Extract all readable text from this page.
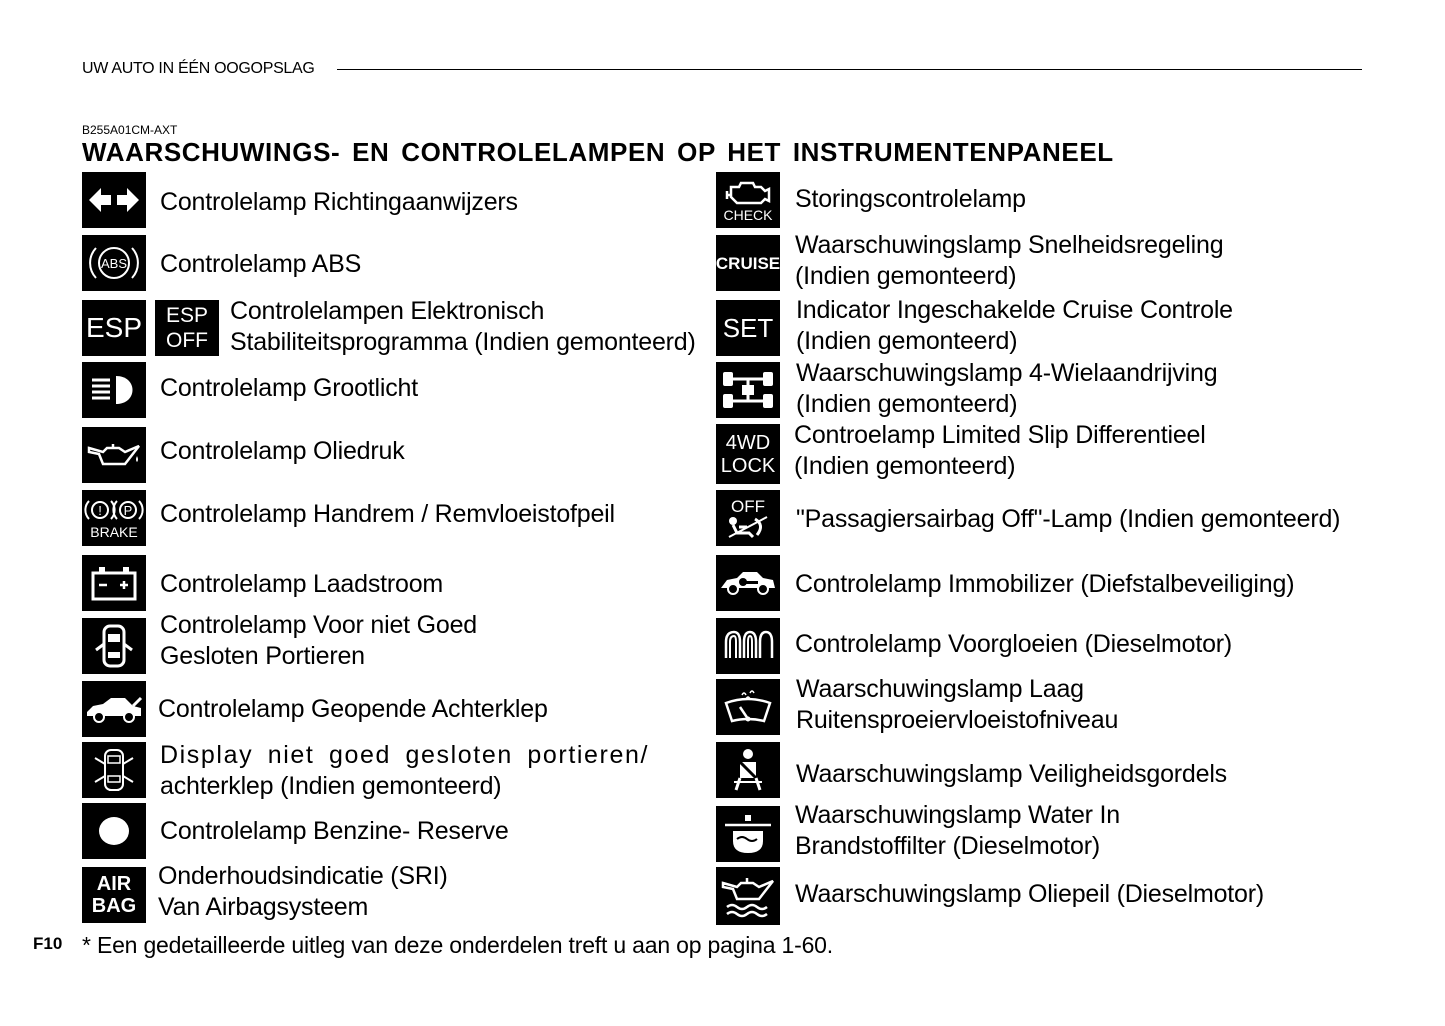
UW AUTO IN ÉÉN OOGOPSLAG
B255A01CM-AXT
WAARSCHUWINGS- EN CONTROLELAMPEN OP HET INSTRUMENTENPANEEL
Controlelamp Richtingaanwijzers
ABS Controlelamp ABS
ESP ESP
OFF
Controlelampen Elektronisch
Stabiliteitsprogramma (Indien gemonteerd)
Controlelamp Grootlicht
Controlelamp Oliedruk
! P
BRAKE
Controlelamp Handrem / Remvloeistofpeil
Controlelamp Laadstroom
Controlelamp Voor niet Goed
Gesloten Portieren
Controlelamp Geopende Achterklep
Display niet goed gesloten portieren/
achterklep (Indien gemonteerd)
Controlelamp Benzine- Reserve
AIR
BAG
Onderhoudsindicatie (SRI)
Van Airbagsysteem
CHECK
Storingscontrolelamp
CRUISE
Waarschuwingslamp Snelheidsregeling
(Indien gemonteerd)
SET
Indicator Ingeschakelde Cruise Controle
(Indien gemonteerd)
Waarschuwingslamp 4-Wielaandrijving
(Indien gemonteerd)
4WD
LOCK
Controelamp Limited Slip Differentieel
(Indien gemonteerd)
OFF "Passagiersairbag Off"-Lamp (Indien gemonteerd)
Controlelamp Immobilizer (Diefstalbeveiliging)
Controlelamp Voorgloeien (Dieselmotor)
Waarschuwingslamp Laag
Ruitensproeiervloeistofniveau
Waarschuwingslamp Veiligheidsgordels
Waarschuwingslamp Water In
Brandstoffilter (Dieselmotor)
Waarschuwingslamp Oliepeil (Dieselmotor)
F10 * Een gedetailleerde uitleg van deze onderdelen treft u aan op pagina 1-60.
